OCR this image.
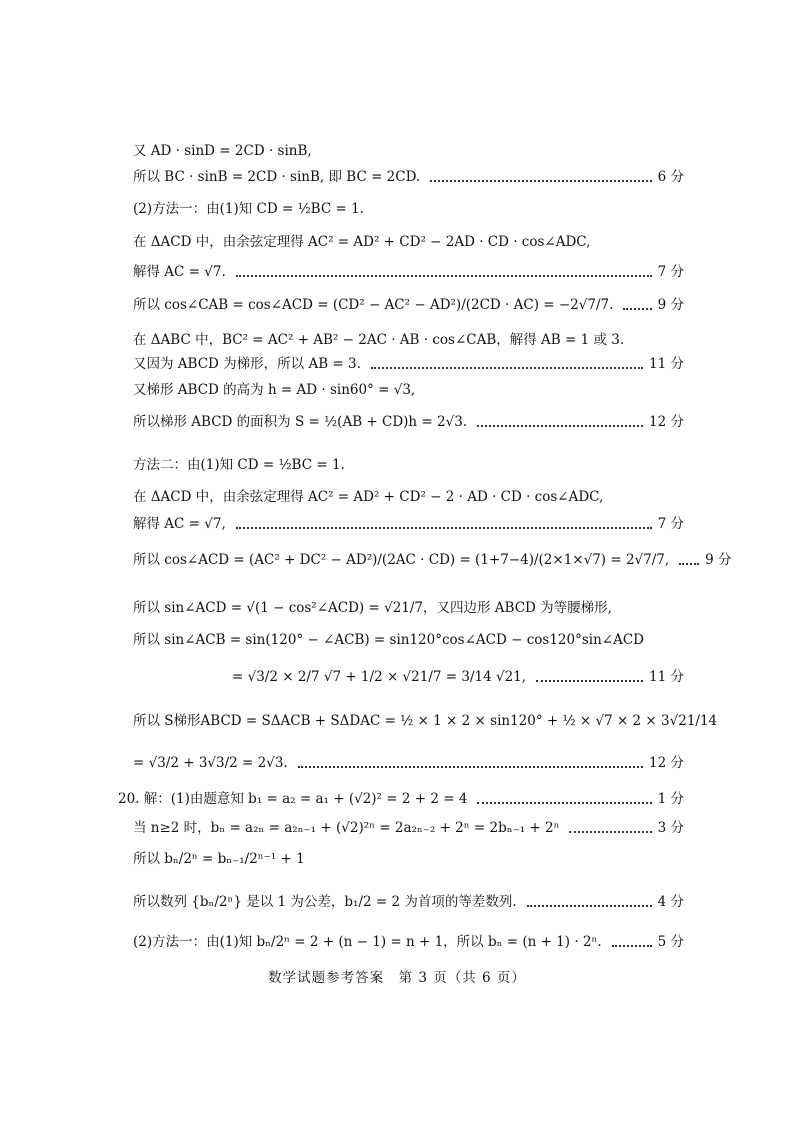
又 AD · sinD = 2CD · sinB,
所以 BC · sinB = 2CD · sinB, 即 BC = 2CD.	6 分
(2)方法一：由(1)知 CD = ½BC = 1.
在 ΔACD 中，由余弦定理得 AC² = AD² + CD² − 2AD · CD · cos∠ADC,
解得 AC = √7.	7 分
所以 cos∠CAB = cos∠ACD = (CD² − AC² − AD²)/(2CD · AC) = −2√7/7.	9 分
在 ΔABC 中，BC² = AC² + AB² − 2AC · AB · cos∠CAB，解得 AB = 1 或 3.
又因为 ABCD 为梯形，所以 AB = 3.	11 分
又梯形 ABCD 的高为 h = AD · sin60° = √3,
所以梯形 ABCD 的面积为 S = ½(AB + CD)h = 2√3.	12 分
方法二：由(1)知 CD = ½BC = 1.
在 ΔACD 中，由余弦定理得 AC² = AD² + CD² − 2 · AD · CD · cos∠ADC,
解得 AC = √7,	7 分
所以 cos∠ACD = (AC² + DC² − AD²)/(2AC · CD) = (1+7−4)/(2×1×√7) = 2√7/7,	9 分
所以 sin∠ACD = √(1 − cos²∠ACD) = √21/7，又四边形 ABCD 为等腰梯形,
所以 sin∠ACB = sin(120° − ∠ACB) = sin120°cos∠ACD − cos120°sin∠ACD
= √3/2 × 2/7 √7 + 1/2 × √21/7 = 3/14 √21,	11 分
所以 S梯形ABCD = SΔACB + SΔDAC = ½ × 1 × 2 × sin120° + ½ × √7 × 2 × 3√21/14
= √3/2 + 3√3/2 = 2√3.	12 分
20. 解：(1)由题意知 b₁ = a₂ = a₁ + (√2)² = 2 + 2 = 4	1 分
当 n≥2 时，bₙ = a₂ₙ = a₂ₙ₋₁ + (√2)²ⁿ = 2a₂ₙ₋₂ + 2ⁿ = 2bₙ₋₁ + 2ⁿ	3 分
所以 bₙ/2ⁿ = bₙ₋₁/2ⁿ⁻¹ + 1
所以数列 {bₙ/2ⁿ} 是以 1 为公差，b₁/2 = 2 为首项的等差数列.	4 分
(2)方法一：由(1)知 bₙ/2ⁿ = 2 + (n − 1) = n + 1，所以 bₙ = (n + 1) · 2ⁿ.	5 分
数学试题参考答案　第 3 页（共 6 页）
